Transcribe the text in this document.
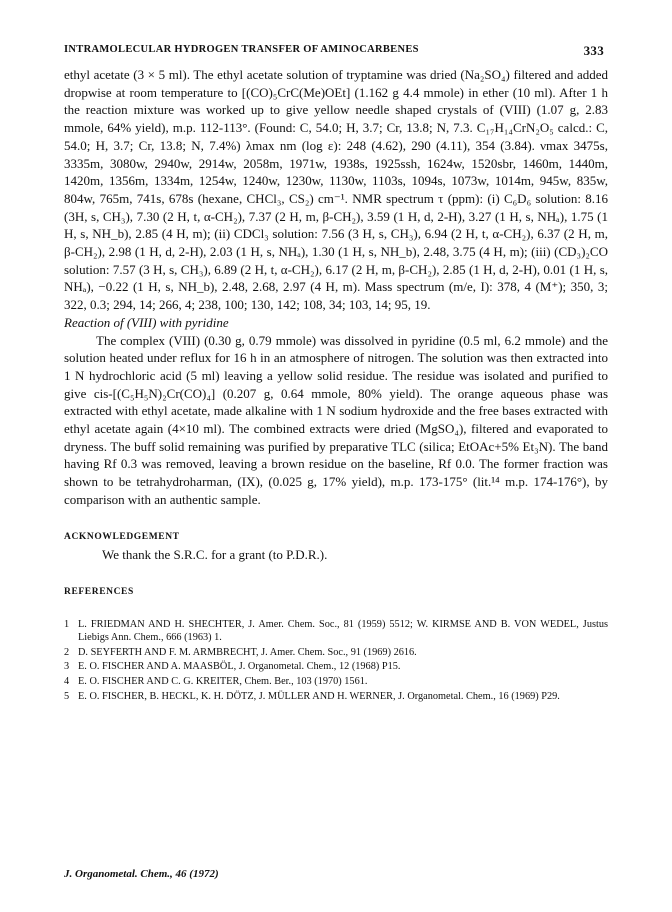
INTRAMOLECULAR HYDROGEN TRANSFER OF AMINOCARBENES	333

ethyl acetate (3 × 5 ml). The ethyl acetate solution of tryptamine was dried (Na₂SO₄) filtered and added dropwise at room temperature to [(CO)₅CrC(Me)OEt] (1.162 g 4.4 mmole) in ether (10 ml). After 1 h the reaction mixture was worked up to give yellow needle shaped crystals of (VIII) (1.07 g, 2.83 mmole, 64% yield), m.p. 112-113°. (Found: C, 54.0; H, 3.7; Cr, 13.8; N, 7.3. C₁₇H₁₄CrN₂O₅ calcd.: C, 54.0; H, 3.7; Cr, 13.8; N, 7.4%) λmax nm (log ε): 248 (4.62), 290 (4.11), 354 (3.84). νmax 3475s, 3335m, 3080w, 2940w, 2914w, 2058m, 1971w, 1938s, 1925ssh, 1624w, 1520sbr, 1460m, 1440m, 1420m, 1356m, 1334m, 1254w, 1240w, 1230w, 1130w, 1103s, 1094s, 1073w, 1014m, 945w, 835w, 804w, 765m, 741s, 678s (hexane, CHCl₃, CS₂) cm⁻¹. NMR spectrum τ (ppm): (i) C₆D₆ solution: 8.16 (3H, s, CH₃), 7.30 (2 H, t, α-CH₂), 7.37 (2 H, m, β-CH₂), 3.59 (1 H, d, 2-H), 3.27 (1 H, s, NHₐ), 1.75 (1 H, s, NH_b), 2.85 (4 H, m); (ii) CDCl₃ solution: 7.56 (3 H, s, CH₃), 6.94 (2 H, t, α-CH₂), 6.37 (2 H, m, β-CH₂), 2.98 (1 H, d, 2-H), 2.03 (1 H, s, NHₐ), 1.30 (1 H, s, NH_b), 2.48, 3.75 (4 H, m); (iii) (CD₃)₂CO solution: 7.57 (3 H, s, CH₃), 6.89 (2 H, t, α-CH₂), 6.17 (2 H, m, β-CH₂), 2.85 (1 H, d, 2-H), 0.01 (1 H, s, NHₐ), −0.22 (1 H, s, NH_b), 2.48, 2.68, 2.97 (4 H, m). Mass spectrum (m/e, I): 378, 4 (M⁺); 350, 3; 322, 0.3; 294, 14; 266, 4; 238, 100; 130, 142; 108, 34; 103, 14; 95, 19.

Reaction of (VIII) with pyridine

The complex (VIII) (0.30 g, 0.79 mmole) was dissolved in pyridine (0.5 ml, 6.2 mmole) and the solution heated under reflux for 16 h in an atmosphere of nitrogen. The solution was then extracted into 1 N hydrochloric acid (5 ml) leaving a yellow solid residue. The residue was isolated and purified to give cis-[(C₅H₅N)₂Cr(CO)₄] (0.207 g, 0.64 mmole, 80% yield). The orange aqueous phase was extracted with ethyl acetate, made alkaline with 1 N sodium hydroxide and the free bases extracted with ethyl acetate again (4×10 ml). The combined extracts were dried (MgSO₄), filtered and evaporated to dryness. The buff solid remaining was purified by preparative TLC (silica; EtOAc+5% Et₃N). The band having Rf 0.3 was removed, leaving a brown residue on the baseline, Rf 0.0. The former fraction was shown to be tetrahydroharman, (IX), (0.025 g, 17% yield), m.p. 173-175° (lit.¹⁴ m.p. 174-176°), by comparison with an authentic sample.

ACKNOWLEDGEMENT

We thank the S.R.C. for a grant (to P.D.R.).

REFERENCES
1 L. FRIEDMAN AND H. SHECHTER, J. Amer. Chem. Soc., 81 (1959) 5512; W. KIRMSE AND B. VON WEDEL, Justus Liebigs Ann. Chem., 666 (1963) 1.
2 D. SEYFERTH AND F. M. ARMBRECHT, J. Amer. Chem. Soc., 91 (1969) 2616.
3 E. O. FISCHER AND A. MAASBÖL, J. Organometal. Chem., 12 (1968) P15.
4 E. O. FISCHER AND C. G. KREITER, Chem. Ber., 103 (1970) 1561.
5 E. O. FISCHER, B. HECKL, K. H. DÖTZ, J. MÜLLER AND H. WERNER, J. Organometal. Chem., 16 (1969) P29.
J. Organometal. Chem., 46 (1972)
